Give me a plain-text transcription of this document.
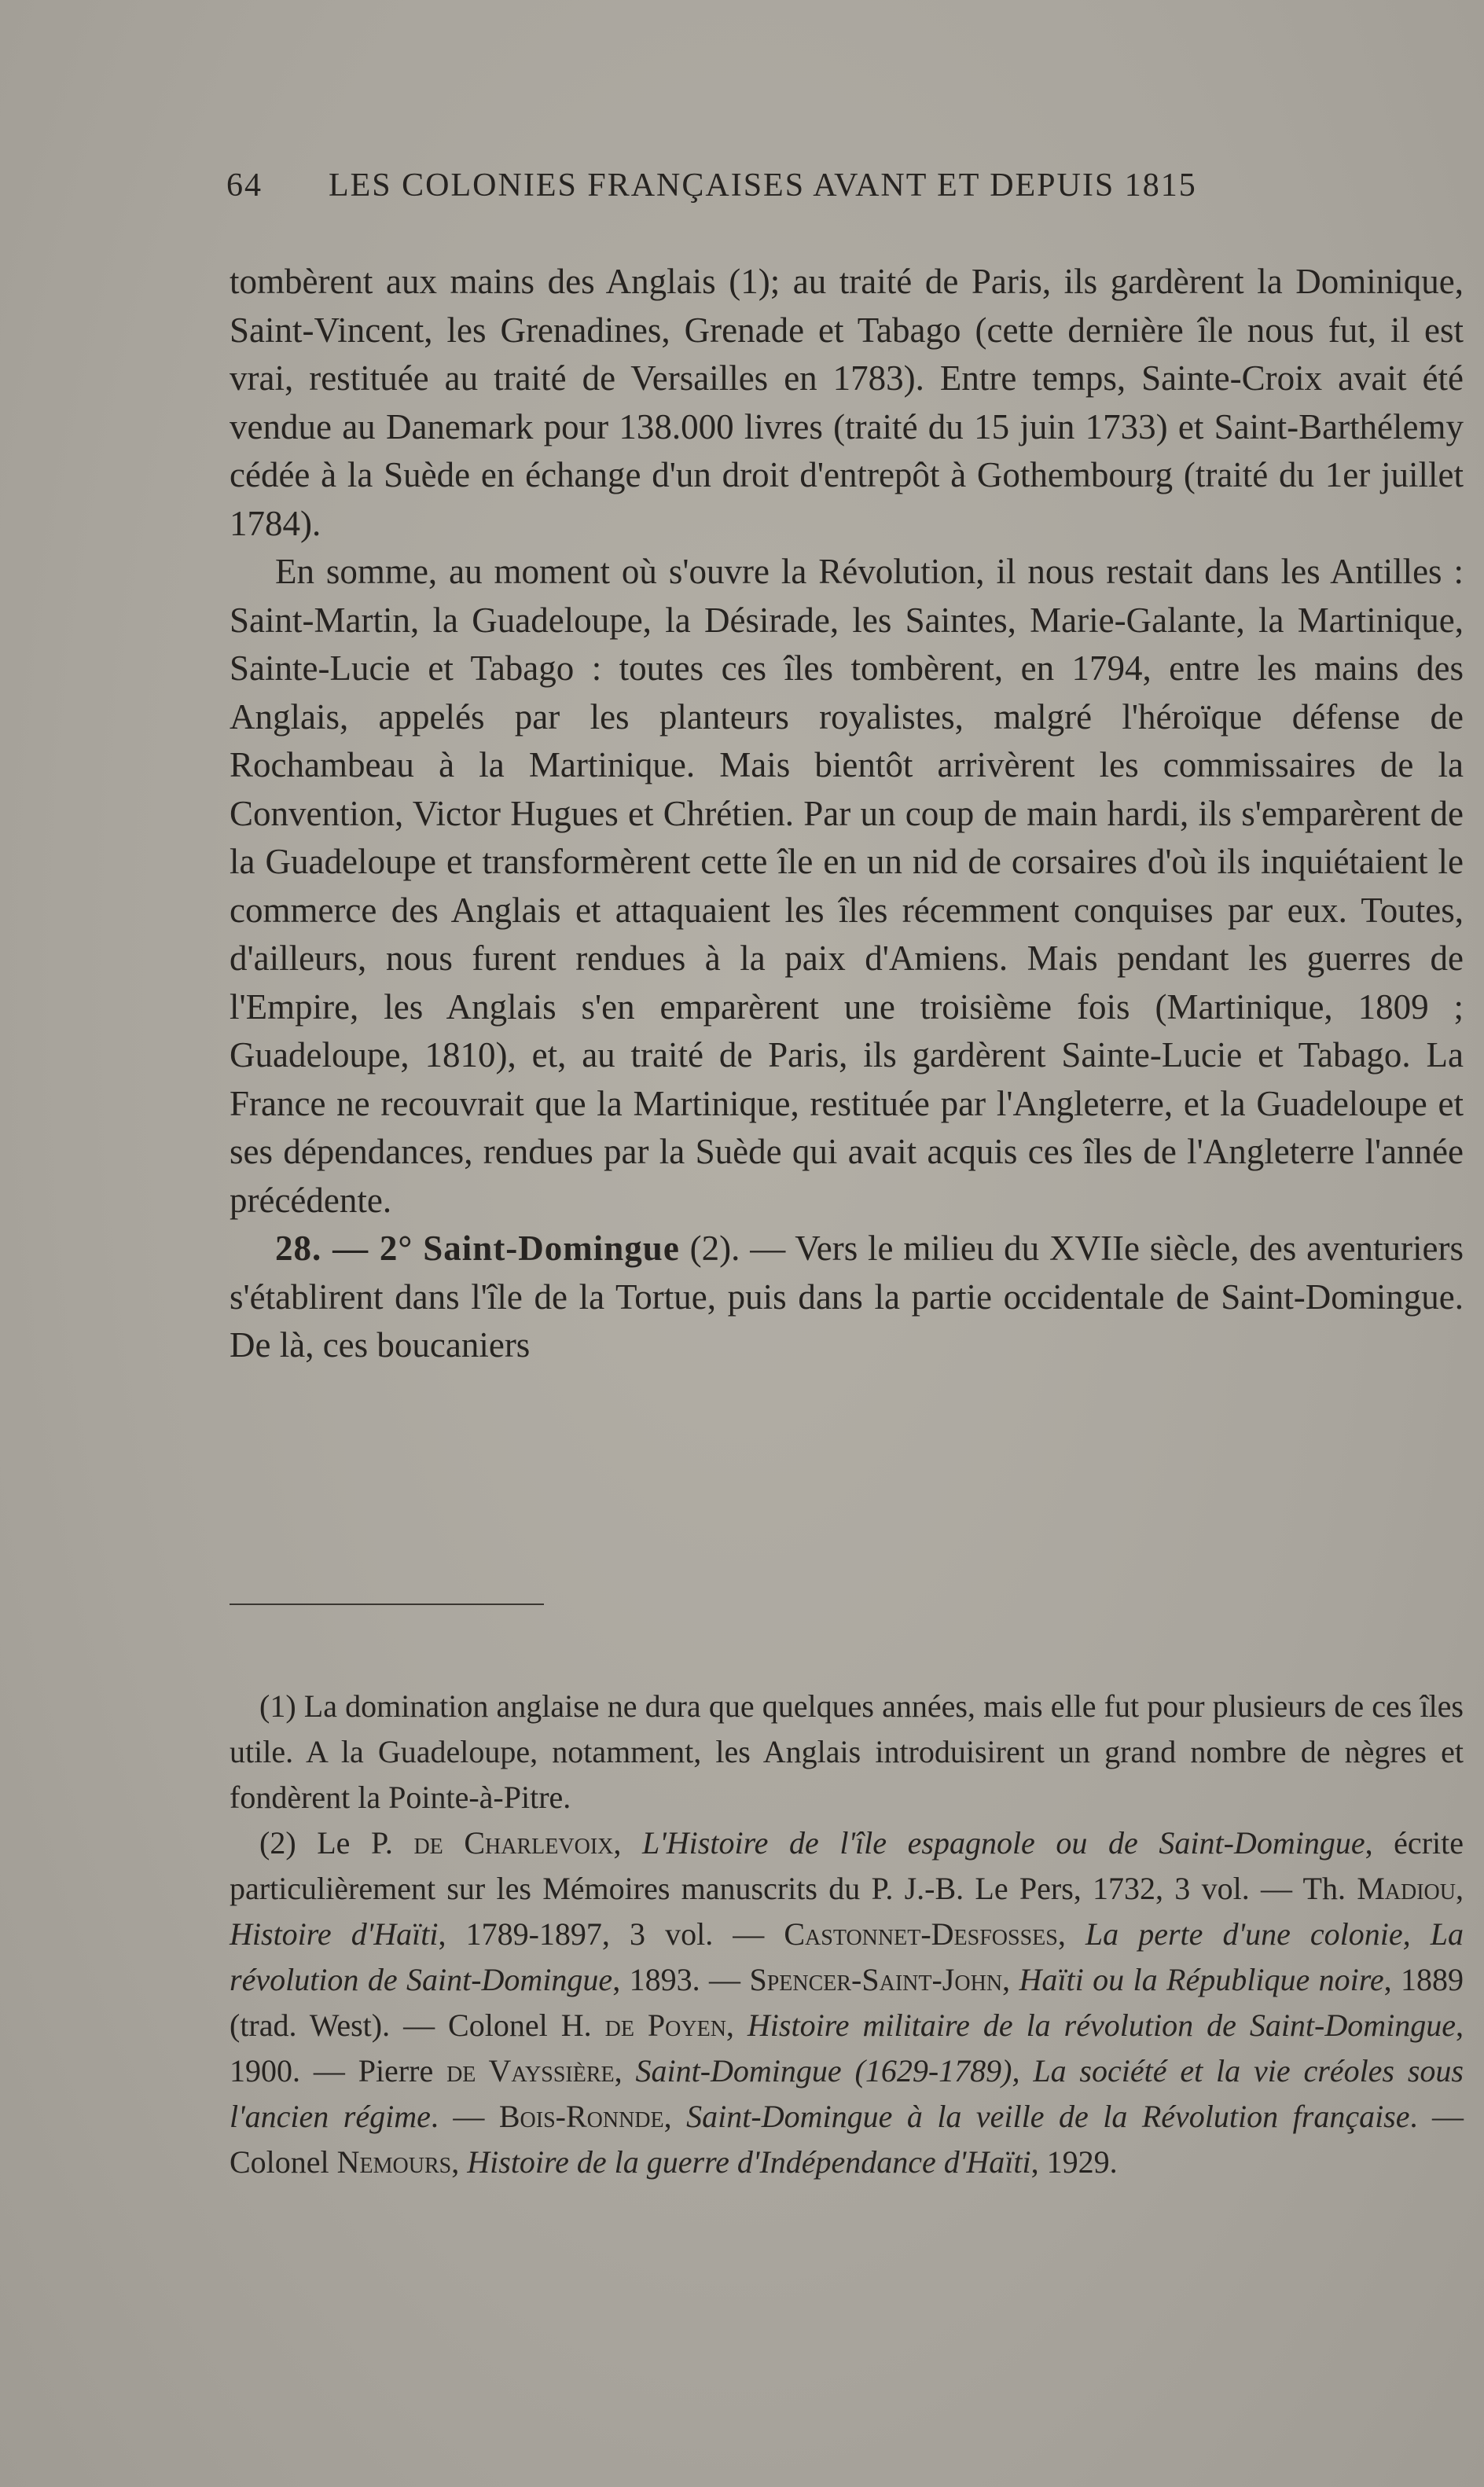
64 LES COLONIES FRANÇAISES AVANT ET DEPUIS 1815

tombèrent aux mains des Anglais (1); au traité de Paris, ils gardèrent la Dominique, Saint-Vincent, les Grenadines, Grenade et Tabago (cette dernière île nous fut, il est vrai, restituée au traité de Versailles en 1783). Entre temps, Sainte-Croix avait été vendue au Danemark pour 138.000 livres (traité du 15 juin 1733) et Saint-Barthélemy cédée à la Suède en échange d'un droit d'entrepôt à Gothembourg (traité du 1er juillet 1784).

En somme, au moment où s'ouvre la Révolution, il nous restait dans les Antilles : Saint-Martin, la Guadeloupe, la Désirade, les Saintes, Marie-Galante, la Martinique, Sainte-Lucie et Tabago : toutes ces îles tombèrent, en 1794, entre les mains des Anglais, appelés par les planteurs royalistes, malgré l'héroïque défense de Rochambeau à la Martinique. Mais bientôt arrivèrent les commissaires de la Convention, Victor Hugues et Chrétien. Par un coup de main hardi, ils s'emparèrent de la Guadeloupe et transformèrent cette île en un nid de corsaires d'où ils inquiétaient le commerce des Anglais et attaquaient les îles récemment conquises par eux. Toutes, d'ailleurs, nous furent rendues à la paix d'Amiens. Mais pendant les guerres de l'Empire, les Anglais s'en emparèrent une troisième fois (Martinique, 1809 ; Guadeloupe, 1810), et, au traité de Paris, ils gardèrent Sainte-Lucie et Tabago. La France ne recouvrait que la Martinique, restituée par l'Angleterre, et la Guadeloupe et ses dépendances, rendues par la Suède qui avait acquis ces îles de l'Angleterre l'année précédente.

28. — 2° Saint-Domingue (2). — Vers le milieu du XVIIe siècle, des aventuriers s'établirent dans l'île de la Tortue, puis dans la partie occidentale de Saint-Domingue. De là, ces boucaniers

(1) La domination anglaise ne dura que quelques années, mais elle fut pour plusieurs de ces îles utile. A la Guadeloupe, notamment, les Anglais introduisirent un grand nombre de nègres et fondèrent la Pointe-à-Pitre.

(2) Le P. de Charlevoix, L'Histoire de l'île espagnole ou de Saint-Domingue, écrite particulièrement sur les Mémoires manuscrits du P. J.-B. Le Pers, 1732, 3 vol. — Th. Madiou, Histoire d'Haïti, 1789-1897, 3 vol. — Castonnet-Desfosses, La perte d'une colonie, La révolution de Saint-Domingue, 1893. — Spencer-Saint-John, Haïti ou la République noire, 1889 (trad. West). — Colonel H. de Poyen, Histoire militaire de la révolution de Saint-Domingue, 1900. — Pierre de Vayssière, Saint-Domingue (1629-1789), La société et la vie créoles sous l'ancien régime. — Bois-Ronnde, Saint-Domingue à la veille de la Révolution française. — Colonel Nemours, Histoire de la guerre d'Indépendance d'Haïti, 1929.
